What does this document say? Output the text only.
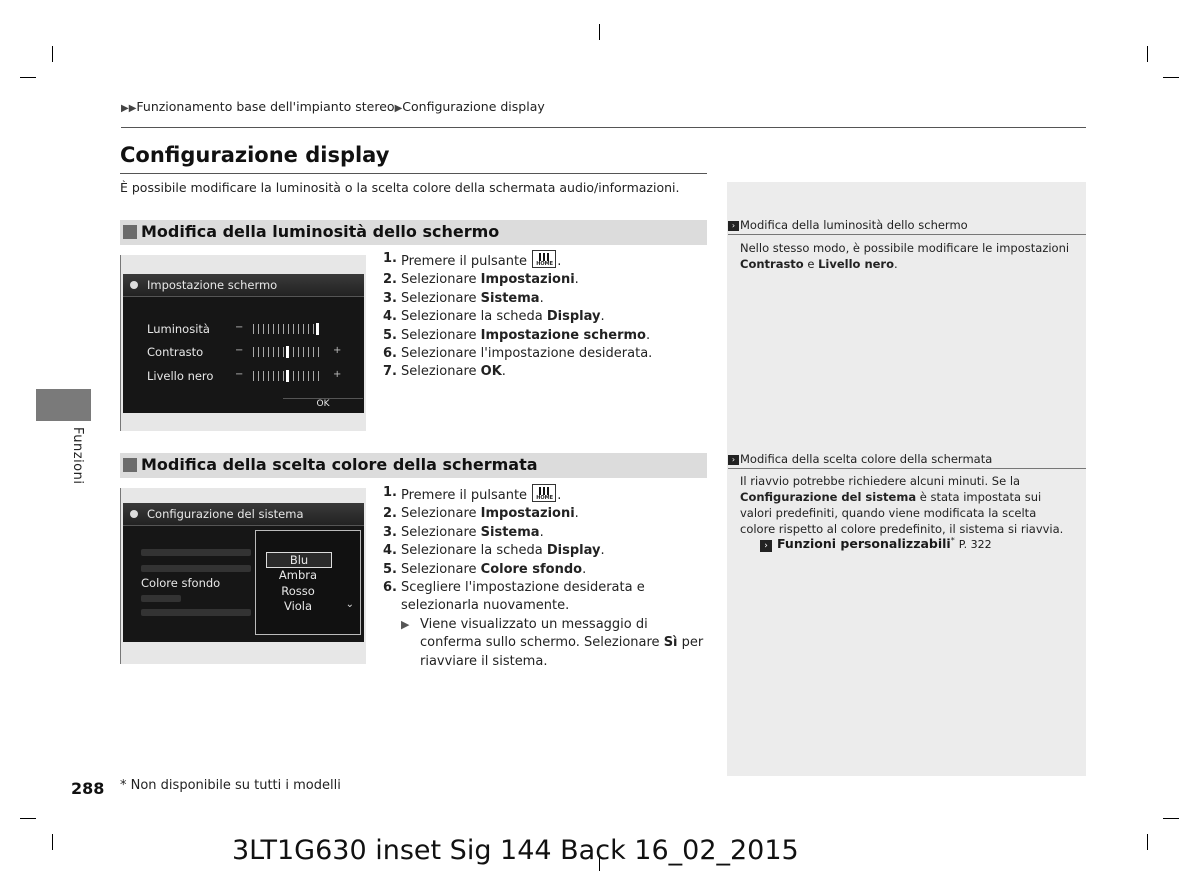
▶▶Funzionamento base dell'impianto stereo▶Configurazione display
Configurazione display
È possibile modificare la luminosità o la scelta colore della schermata audio/informazioni.
Modifica della luminosità dello schermo
Impostazione schermo
Luminosità	−
Contrasto	−	+
Livello nero −	+
OK
1. Premere il pulsante HOME .
2. Selezionare Impostazioni.
3. Selezionare Sistema.
4. Selezionare la scheda Display.
5. Selezionare Impostazione schermo.
6. Selezionare l'impostazione desiderata.
7. Selezionare OK.
› Modifica della luminosità dello schermo
Nello stesso modo, è possibile modificare le impostazioni Contrasto e Livello nero.
Modifica della scelta colore della schermata
Configurazione del sistema
Colore sfondo
Blu
Ambra
Rosso
Viola	⌄
1. Premere il pulsante HOME .
2. Selezionare Impostazioni.
3. Selezionare Sistema.
4. Selezionare la scheda Display.
5. Selezionare Colore sfondo.
6. Scegliere l'impostazione desiderata e selezionarla nuovamente.
▶ Viene visualizzato un messaggio di conferma sullo schermo. Selezionare Sì per riavviare il sistema.
› Modifica della scelta colore della schermata
Il riavvio potrebbe richiedere alcuni minuti. Se la Configurazione del sistema è stata impostata sui valori predefiniti, quando viene modificata la scelta colore rispetto al colore predefinito, il sistema si riavvia.
› Funzioni personalizzabili* P. 322
Funzioni
288 * Non disponibile su tutti i modelli
3LT1G630 inset Sig 144 Back 16_02_2015
